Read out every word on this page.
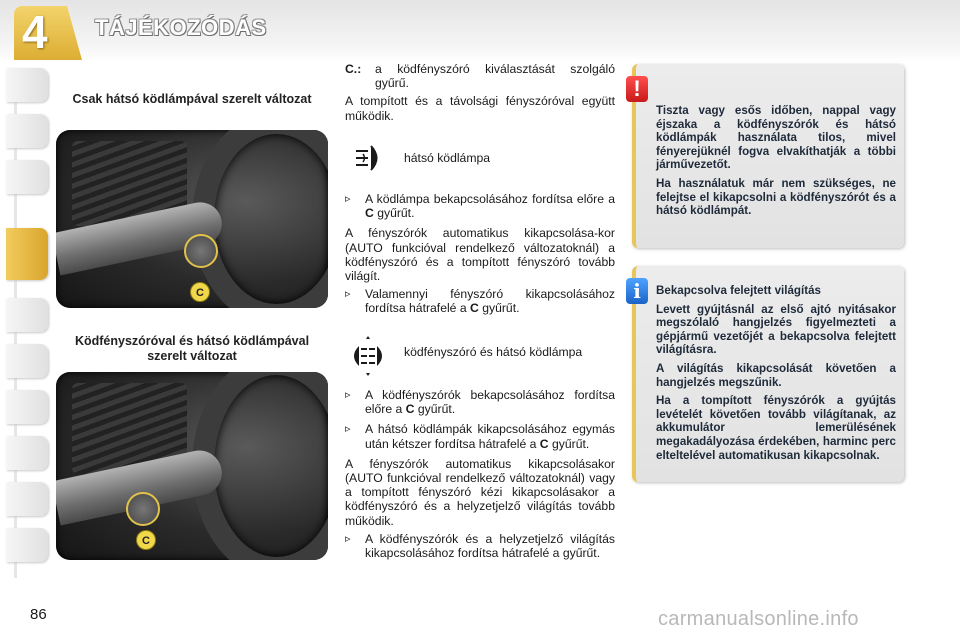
4	TÁJÉKOZÓDÁS
Csak hátsó ködlámpával szerelt változat
C
Ködfényszóróval és hátsó ködlámpával szerelt változat
C
C.:	a ködfényszóró kiválasztását szolgáló gyűrű.

A tompított és a távolsági fényszóróval együtt működik.

hátsó ködlámpa
▹	A ködlámpa bekapcsolásához fordítsa előre a C gyűrűt.

A fényszórók automatikus kikapcsolása-kor (AUTO funkcióval rendelkező változatoknál) a ködfényszóró és a tompított fényszóró tovább világít.

▹	Valamennyi fényszóró kikapcsolásához fordítsa hátrafelé a C gyűrűt.
ködfényszóró és hátsó ködlámpa
▹	A ködfényszórók bekapcsolásához fordítsa előre a C gyűrűt.
▹	A hátsó ködlámpák kikapcsolásához egymás után kétszer fordítsa hátrafelé a C gyűrűt.

A fényszórók automatikus kikapcsolásakor (AUTO funkcióval rendelkező változatoknál) vagy a tompított fényszóró kézi kikapcsolásakor a ködfényszóró és a helyzetjelző világítás tovább működik.

▹	A ködfényszórók és a helyzetjelző világítás kikapcsolásához fordítsa hátrafelé a gyűrűt.
!

Tiszta vagy esős időben, nappal vagy éjszaka a ködfényszórók és hátsó ködlámpák használata tilos, mivel fényerejüknél fogva elvakíthatják a többi járművezetőt.

Ha használatuk már nem szükséges, ne felejtse el kikapcsolni a ködfényszórót és a hátsó ködlámpát.

i	Bekapcsolva felejtett világítás

Levett gyújtásnál az első ajtó nyitásakor megszólaló hangjelzés figyelmezteti a gépjármű vezetőjét a bekapcsolva felejtett világításra.

A világítás kikapcsolását követően a hangjelzés megszűnik.

Ha a tompított fényszórók a gyújtás levételét követően tovább világítanak, az akkumulátor lemerülésének megakadályozása érdekében, harminc perc elteltelével automatikusan kikapcsolnak.

86	carmanualsonline.info
